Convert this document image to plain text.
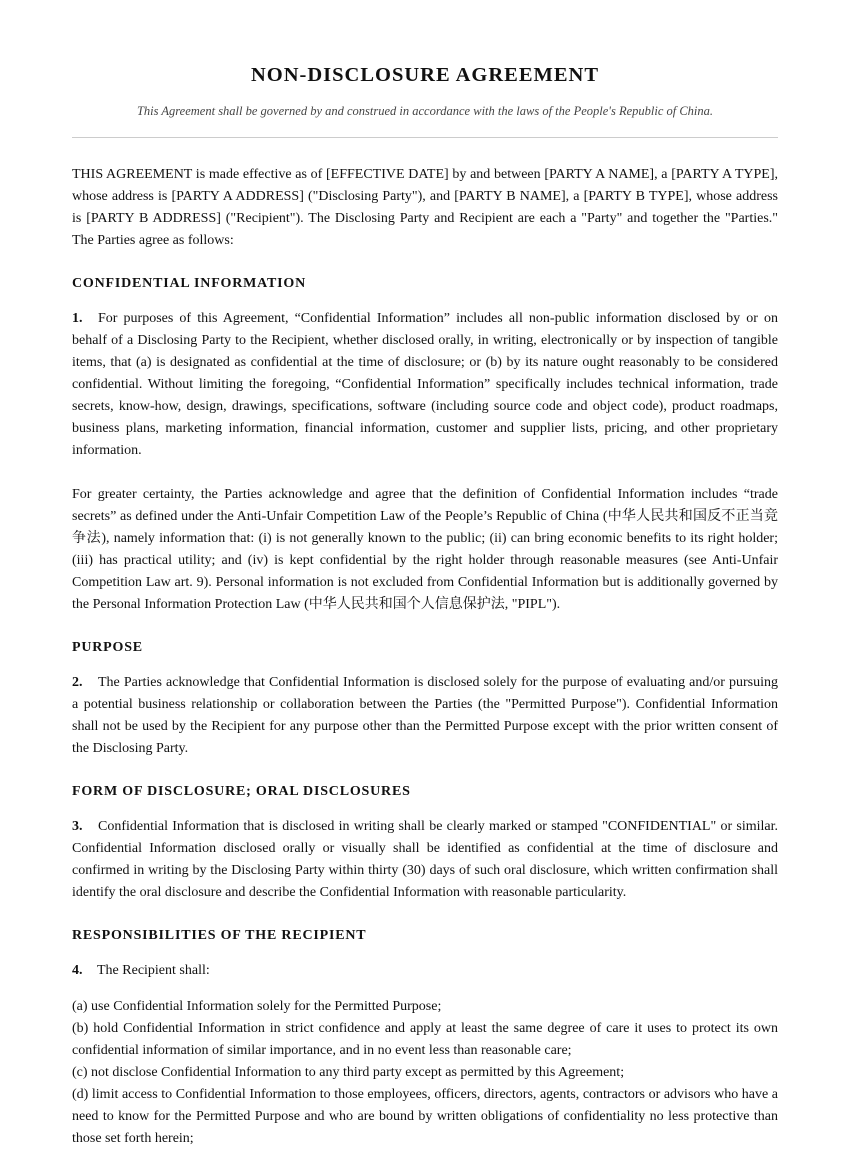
NON-DISCLOSURE AGREEMENT

This Agreement shall be governed by and construed in accordance with the laws of the People's Republic of China.

THIS AGREEMENT is made effective as of [EFFECTIVE DATE] by and between [PARTY A NAME], a [PARTY A TYPE], whose address is [PARTY A ADDRESS] ("Disclosing Party"), and [PARTY B NAME], a [PARTY B TYPE], whose address is [PARTY B ADDRESS] ("Recipient"). The Disclosing Party and Recipient are each a "Party" and together the "Parties." The Parties agree as follows:

CONFIDENTIAL INFORMATION

1. For purposes of this Agreement, “Confidential Information” includes all non-public information disclosed by or on behalf of a Disclosing Party to the Recipient, whether disclosed orally, in writing, electronically or by inspection of tangible items, that (a) is designated as confidential at the time of disclosure; or (b) by its nature ought reasonably to be considered confidential. Without limiting the foregoing, “Confidential Information” specifically includes technical information, trade secrets, know-how, design, drawings, specifications, software (including source code and object code), product roadmaps, business plans, marketing information, financial information, customer and supplier lists, pricing, and other proprietary information.

For greater certainty, the Parties acknowledge and agree that the definition of Confidential Information includes “trade secrets” as defined under the Anti-Unfair Competition Law of the People’s Republic of China (中华人民共和国反不正当竞争法), namely information that: (i) is not generally known to the public; (ii) can bring economic benefits to its right holder; (iii) has practical utility; and (iv) is kept confidential by the right holder through reasonable measures (see Anti-Unfair Competition Law art. 9). Personal information is not excluded from Confidential Information but is additionally governed by the Personal Information Protection Law (中华人民共和国个人信息保护法, "PIPL").

PURPOSE

2. The Parties acknowledge that Confidential Information is disclosed solely for the purpose of evaluating and/or pursuing a potential business relationship or collaboration between the Parties (the "Permitted Purpose"). Confidential Information shall not be used by the Recipient for any purpose other than the Permitted Purpose except with the prior written consent of the Disclosing Party.

FORM OF DISCLOSURE; ORAL DISCLOSURES

3. Confidential Information that is disclosed in writing shall be clearly marked or stamped "CONFIDENTIAL" or similar. Confidential Information disclosed orally or visually shall be identified as confidential at the time of disclosure and confirmed in writing by the Disclosing Party within thirty (30) days of such oral disclosure, which written confirmation shall identify the oral disclosure and describe the Confidential Information with reasonable particularity.

RESPONSIBILITIES OF THE RECIPIENT

4. The Recipient shall:

(a) use Confidential Information solely for the Permitted Purpose;
(b) hold Confidential Information in strict confidence and apply at least the same degree of care it uses to protect its own confidential information of similar importance, and in no event less than reasonable care;
(c) not disclose Confidential Information to any third party except as permitted by this Agreement;
(d) limit access to Confidential Information to those employees, officers, directors, agents, contractors or advisors who have a need to know for the Permitted Purpose and who are bound by written obligations of confidentiality no less protective than those set forth herein;
